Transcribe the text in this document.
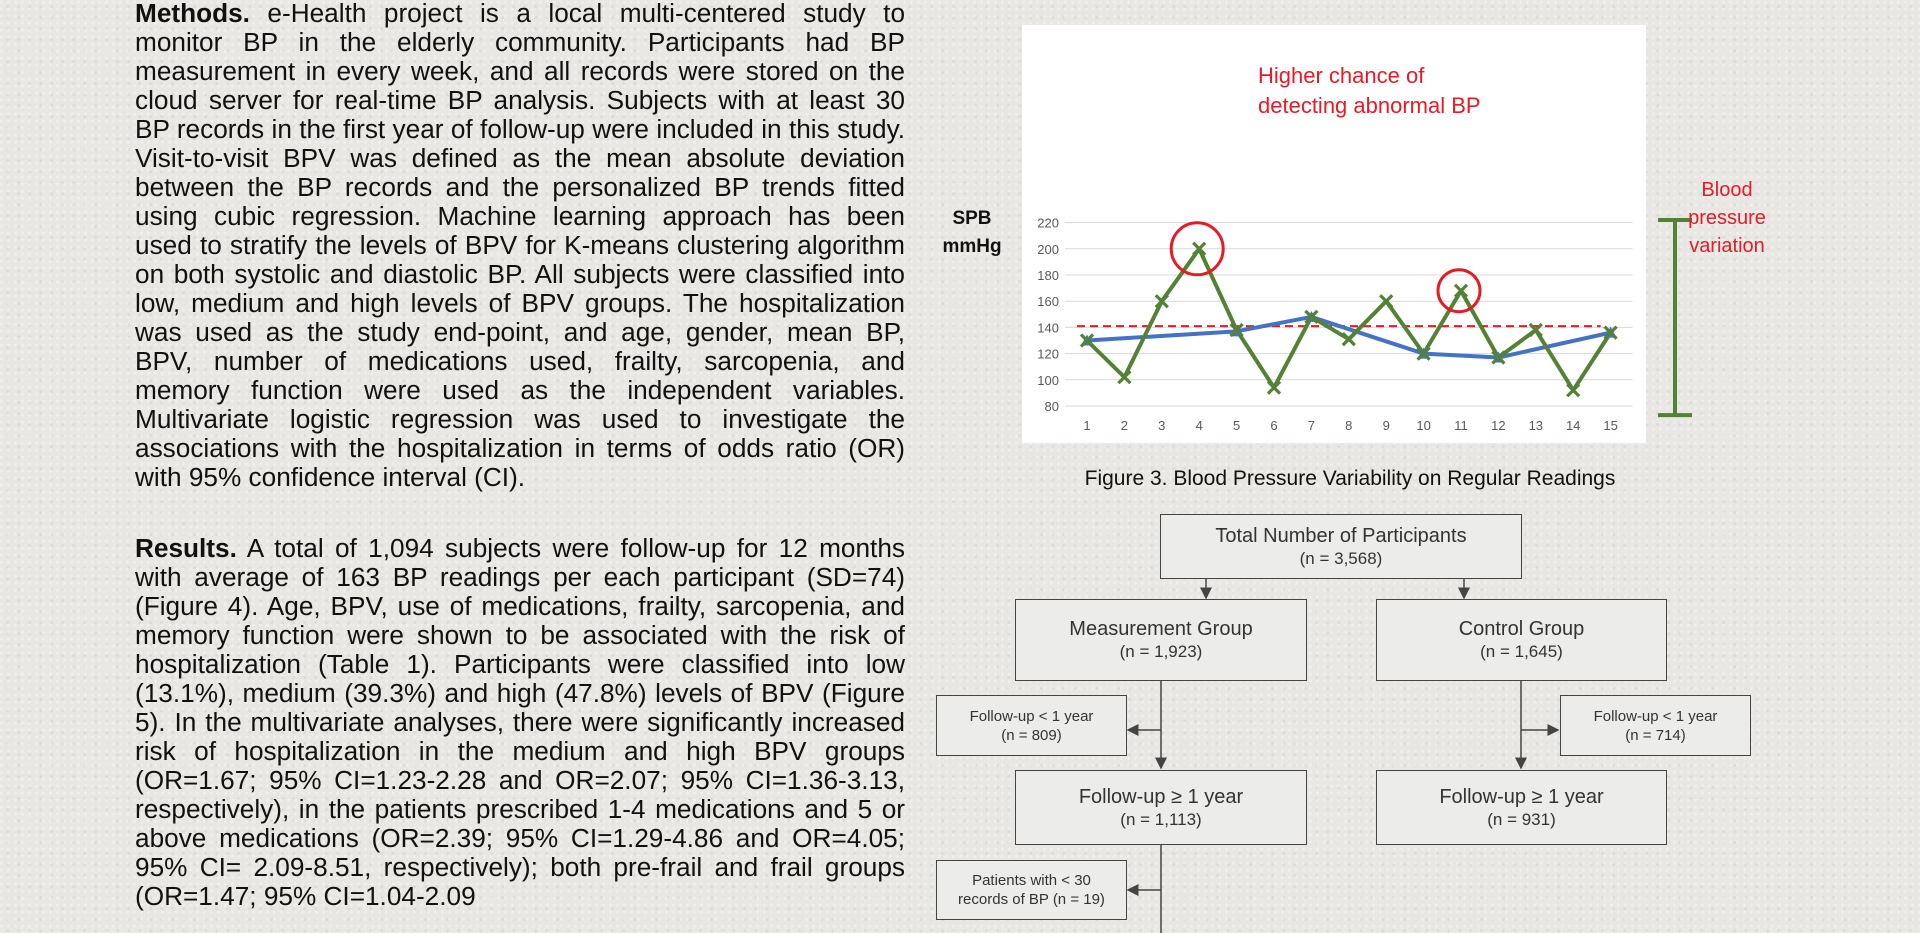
Methods. e-Health project is a local multi-centered study to monitor BP in the elderly community. Participants had BP measurement in every week, and all records were stored on the cloud server for real-time BP analysis. Subjects with at least 30 BP records in the first year of follow-up were included in this study. Visit-to-visit BPV was defined as the mean absolute deviation between the BP records and the personalized BP trends fitted using cubic regression. Machine learning approach has been used to stratify the levels of BPV for K-means clustering algorithm on both systolic and diastolic BP. All subjects were classified into low, medium and high levels of BPV groups. The hospitalization was used as the study end-point, and age, gender, mean BP, BPV, number of medications used, frailty, sarcopenia, and memory function were used as the independent variables. Multivariate logistic regression was used to investigate the associations with the hospitalization in terms of odds ratio (OR) with 95% confidence interval (CI).

Results. A total of 1,094 subjects were follow-up for 12 months with average of 163 BP readings per each participant (SD=74) (Figure 4). Age, BPV, use of medications, frailty, sarcopenia, and memory function were shown to be associated with the risk of hospitalization (Table 1). Participants were classified into low (13.1%), medium (39.3%) and high (47.8%) levels of BPV (Figure 5). In the multivariate analyses, there were significantly increased risk of hospitalization in the medium and high BPV groups (OR=1.67; 95% CI=1.23-2.28 and OR=2.07; 95% CI=1.36-3.13, respectively), in the patients prescribed 1-4 medications and 5 or above medications (OR=2.39; 95% CI=1.29-4.86 and OR=4.05; 95% CI= 2.09-8.51, respectively); both pre-frail and frail groups (OR=1.47; 95% CI=1.04-2.09

80
100
120
140
160
180
200
220
1 2 3 4 5 6 7 8 9 10 11 12 13 14 15
Higher chance of
detecting abnormal BP
SPB
mmHg
Blood
pressure
variation
Figure 3. Blood Pressure Variability on Regular Readings
Total Number of Participants
(n = 3,568)
Measurement Group
(n = 1,923)
Control Group
(n = 1,645)
Follow-up < 1 year
(n = 809)
Follow-up < 1 year
(n = 714)
Follow-up ≥ 1 year
(n = 1,113)
Follow-up ≥ 1 year
(n = 931)
Patients with < 30
records of BP (n = 19)
